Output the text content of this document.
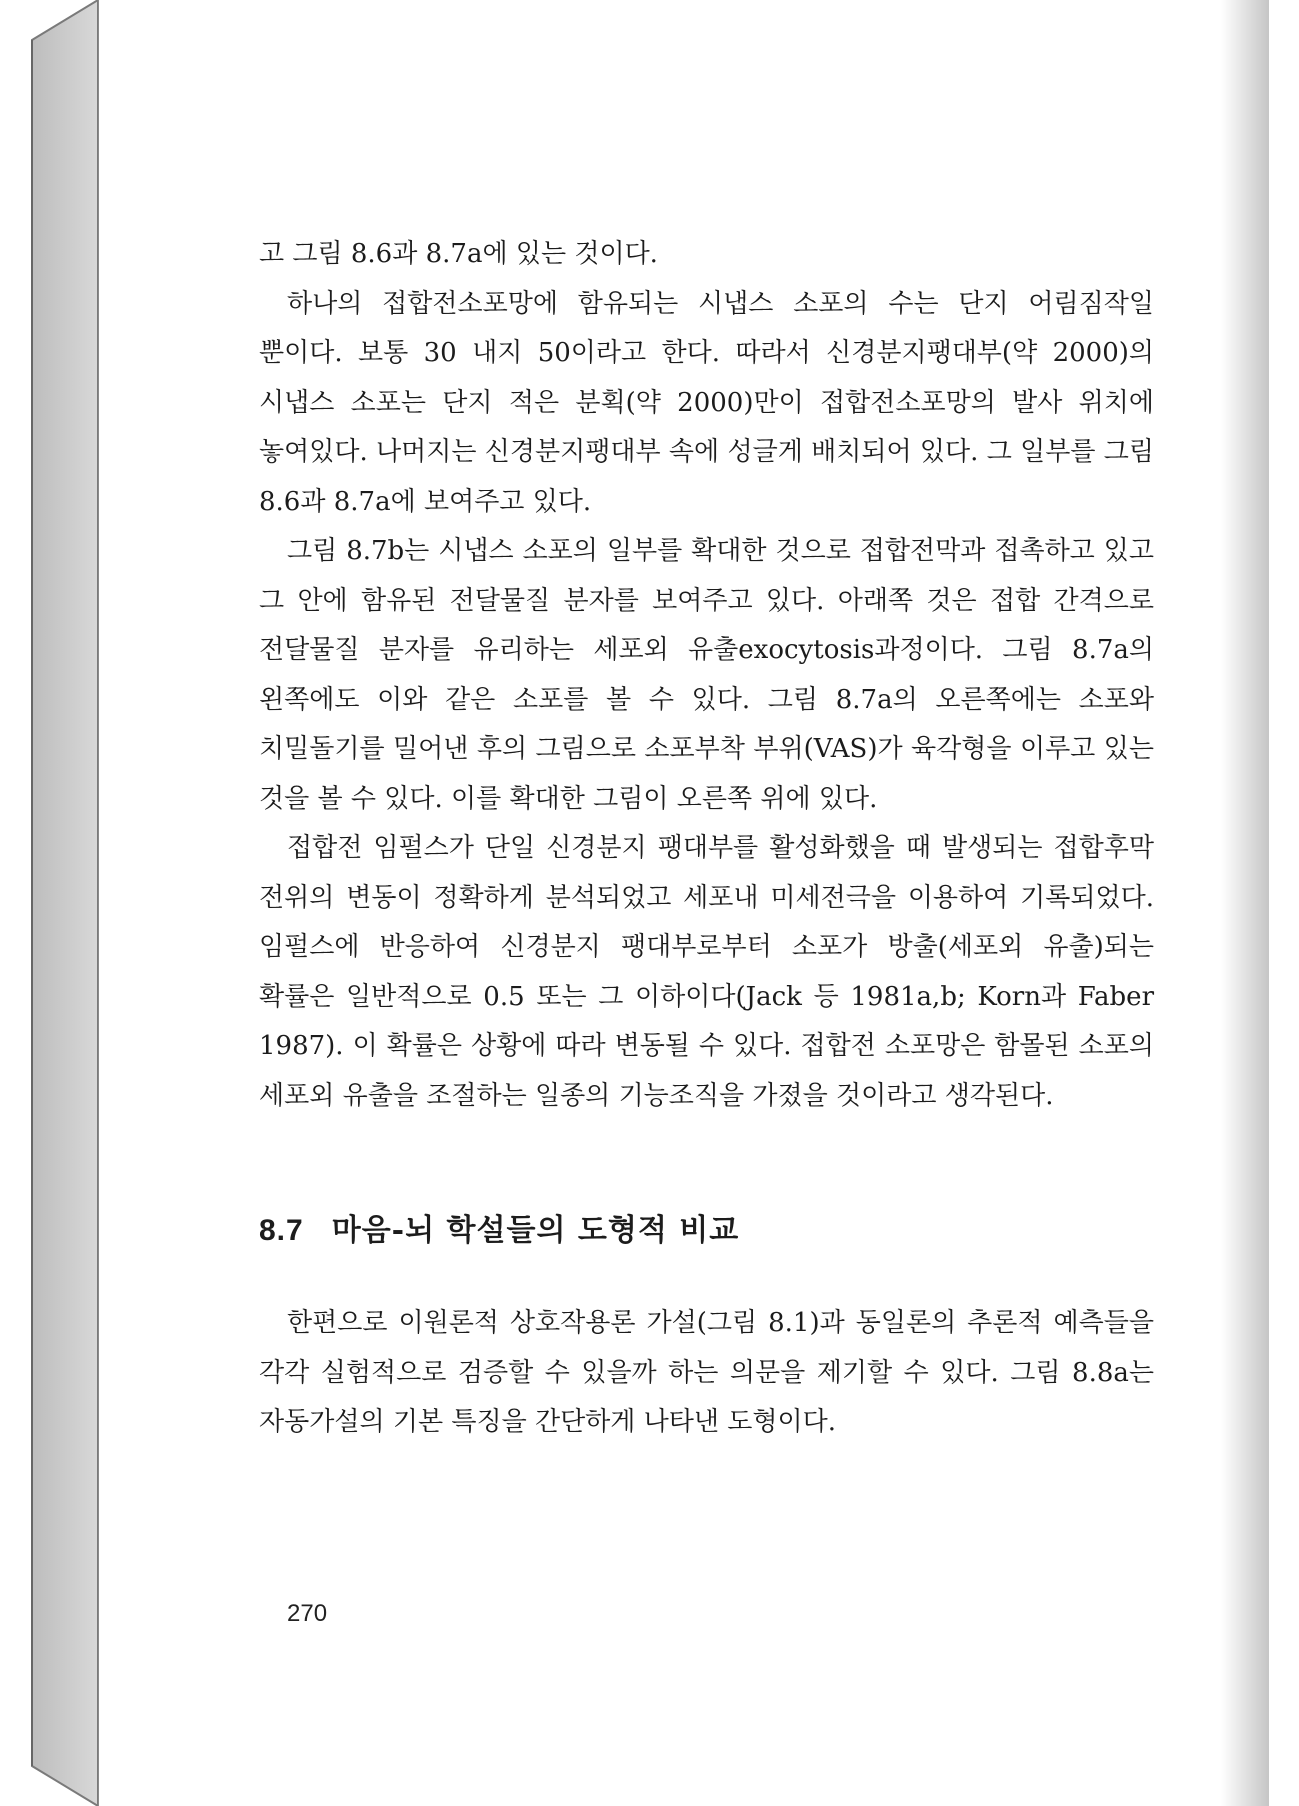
고 그림 8.6과 8.7a에 있는 것이다.

하나의 접합전소포망에 함유되는 시냅스 소포의 수는 단지 어림짐작일 뿐이다. 보통 30 내지 50이라고 한다. 따라서 신경분지팽대부(약 2000)의 시냅스 소포는 단지 적은 분획(약 2000)만이 접합전소포망의 발사 위치에 놓여있다. 나머지는 신경분지팽대부 속에 성글게 배치되어 있다. 그 일부를 그림 8.6과 8.7a에 보여주고 있다.

그림 8.7b는 시냅스 소포의 일부를 확대한 것으로 접합전막과 접촉하고 있고 그 안에 함유된 전달물질 분자를 보여주고 있다. 아래쪽 것은 접합 간격으로 전달물질 분자를 유리하는 세포외 유출exocytosis과정이다. 그림 8.7a의 왼쪽에도 이와 같은 소포를 볼 수 있다. 그림 8.7a의 오른쪽에는 소포와 치밀돌기를 밀어낸 후의 그림으로 소포부착 부위(VAS)가 육각형을 이루고 있는 것을 볼 수 있다. 이를 확대한 그림이 오른쪽 위에 있다.

접합전 임펄스가 단일 신경분지 팽대부를 활성화했을 때 발생되는 접합후막 전위의 변동이 정확하게 분석되었고 세포내 미세전극을 이용하여 기록되었다. 임펄스에 반응하여 신경분지 팽대부로부터 소포가 방출(세포외 유출)되는 확률은 일반적으로 0.5 또는 그 이하이다(Jack 등 1981a,b; Korn과 Faber 1987). 이 확률은 상황에 따라 변동될 수 있다. 접합전 소포망은 함몰된 소포의 세포외 유출을 조절하는 일종의 기능조직을 가졌을 것이라고 생각된다.

8.7 마음-뇌 학설들의 도형적 비교

한편으로 이원론적 상호작용론 가설(그림 8.1)과 동일론의 추론적 예측들을 각각 실험적으로 검증할 수 있을까 하는 의문을 제기할 수 있다. 그림 8.8a는 자동가설의 기본 특징을 간단하게 나타낸 도형이다.

270
